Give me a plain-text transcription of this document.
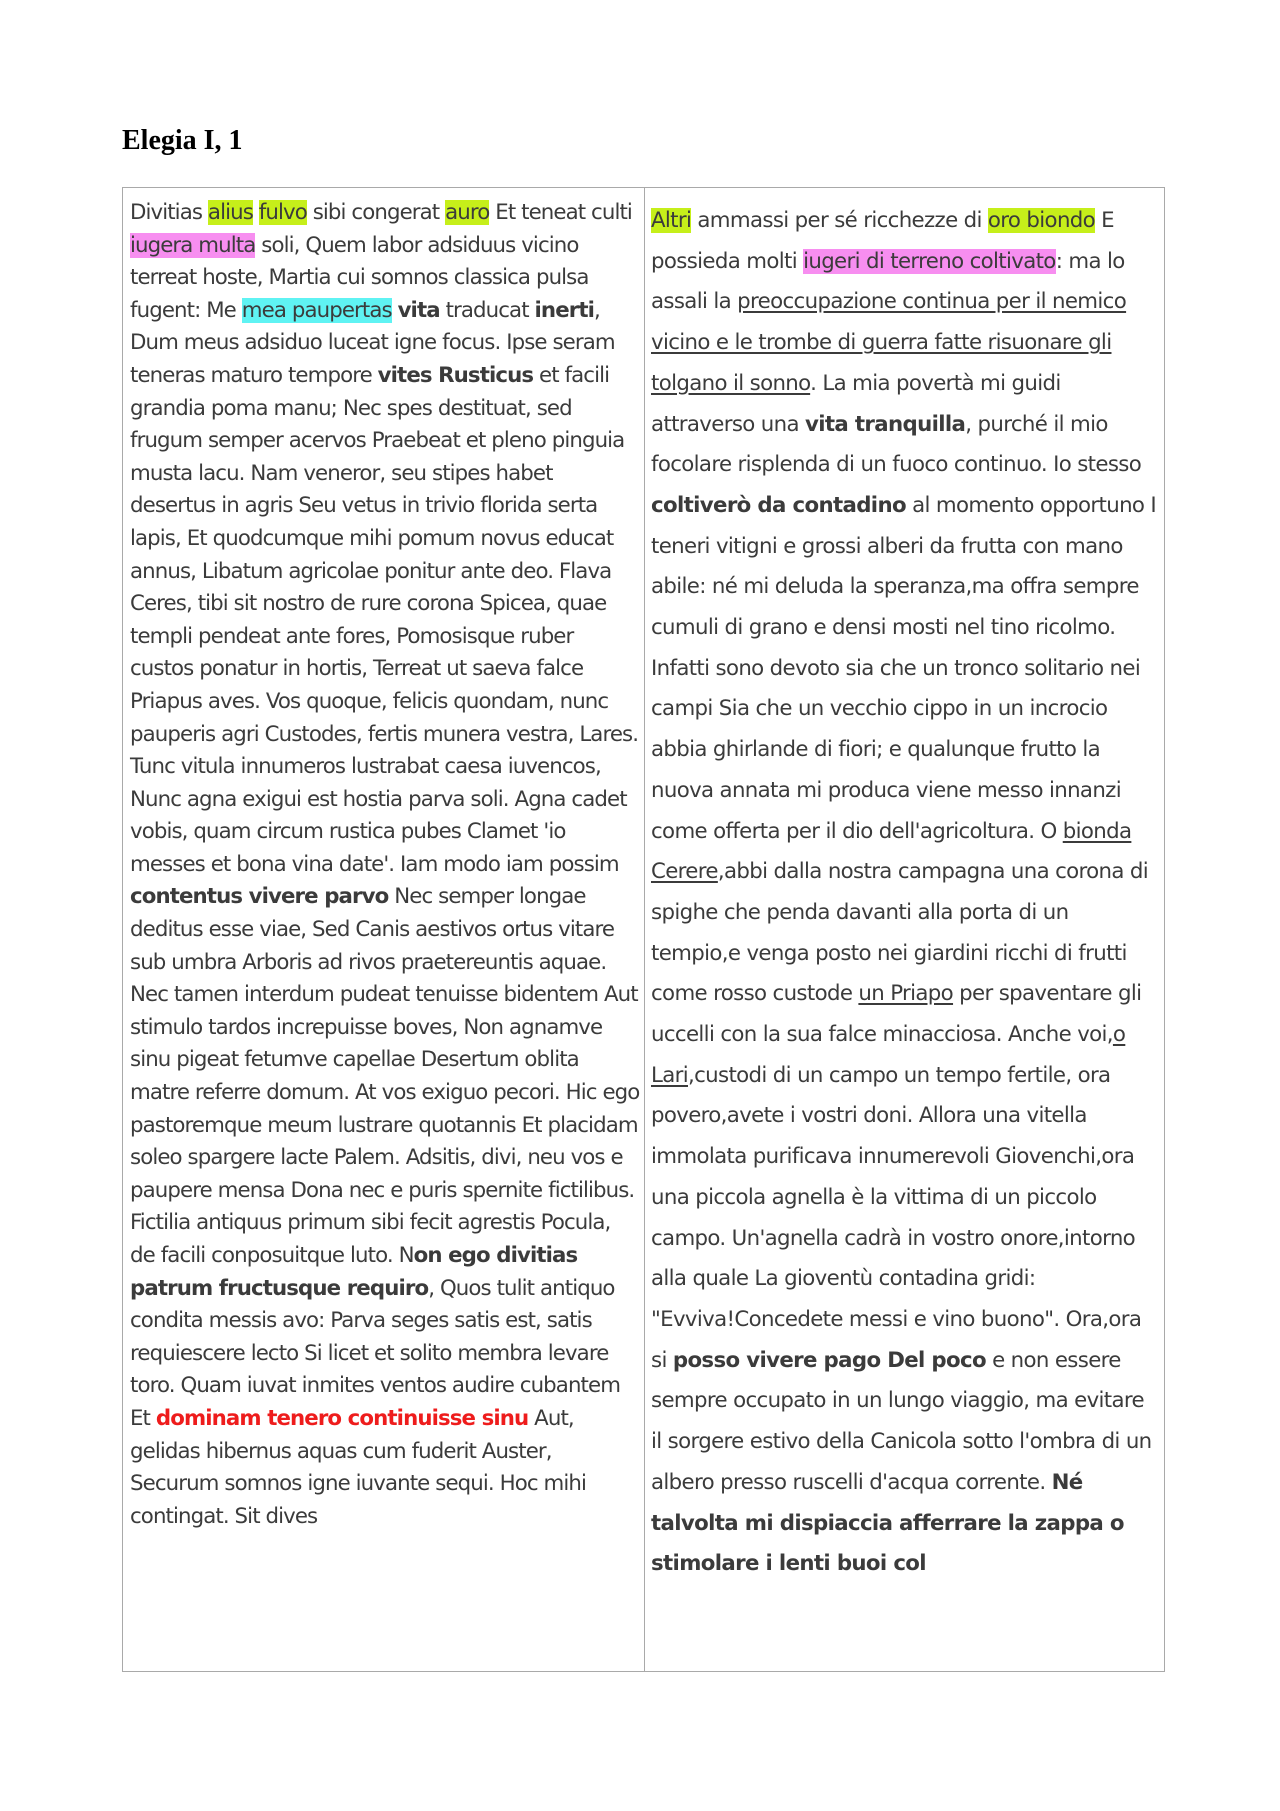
Elegia I, 1

Divitias alius fulvo sibi congerat auro Et teneat culti iugera multa soli, Quem labor adsiduus vicino terreat hoste, Martia cui somnos classica pulsa fugent: Me mea paupertas vita traducat inerti, Dum meus adsiduo luceat igne focus. Ipse seram teneras maturo tempore vites Rusticus et facili grandia poma manu; Nec spes destituat, sed frugum semper acervos Praebeat et pleno pinguia musta lacu. Nam veneror, seu stipes habet desertus in agris Seu vetus in trivio florida serta lapis, Et quodcumque mihi pomum novus educat annus, Libatum agricolae ponitur ante deo. Flava Ceres, tibi sit nostro de rure corona Spicea, quae templi pendeat ante fores, Pomosisque ruber custos ponatur in hortis, Terreat ut saeva falce Priapus aves. Vos quoque, felicis quondam, nunc pauperis agri Custodes, fertis munera vestra, Lares. Tunc vitula innumeros lustrabat caesa iuvencos, Nunc agna exigui est hostia parva soli. Agna cadet vobis, quam circum rustica pubes Clamet 'io messes et bona vina date'. Iam modo iam possim contentus vivere parvo Nec semper longae deditus esse viae, Sed Canis aestivos ortus vitare sub umbra Arboris ad rivos praetereuntis aquae. Nec tamen interdum pudeat tenuisse bidentem Aut stimulo tardos increpuisse boves, Non agnamve sinu pigeat fetumve capellae Desertum oblita matre referre domum. At vos exiguo pecori. Hic ego pastoremque meum lustrare quotannis Et placidam soleo spargere lacte Palem. Adsitis, divi, neu vos e paupere mensa Dona nec e puris spernite fictilibus. Fictilia antiquus primum sibi fecit agrestis Pocula, de facili conposuitque luto. Non ego divitias patrum fructusque requiro, Quos tulit antiquo condita messis avo: Parva seges satis est, satis requiescere lecto Si licet et solito membra levare toro. Quam iuvat inmites ventos audire cubantem Et dominam tenero continuisse sinu Aut, gelidas hibernus aquas cum fuderit Auster, Securum somnos igne iuvante sequi. Hoc mihi contingat. Sit dives

Altri ammassi per sé ricchezze di oro biondo E possieda molti iugeri di terreno coltivato: ma lo assali la preoccupazione continua per il nemico vicino e le trombe di guerra fatte risuonare gli tolgano il sonno. La mia povertà mi guidi attraverso una vita tranquilla, purché il mio focolare risplenda di un fuoco continuo. Io stesso coltiverò da contadino al momento opportuno I teneri vitigni e grossi alberi da frutta con mano abile: né mi deluda la speranza,ma offra sempre cumuli di grano e densi mosti nel tino ricolmo. Infatti sono devoto sia che un tronco solitario nei campi Sia che un vecchio cippo in un incrocio abbia ghirlande di fiori; e qualunque frutto la nuova annata mi produca viene messo innanzi come offerta per il dio dell'agricoltura. O bionda Cerere,abbi dalla nostra campagna una corona di spighe che penda davanti alla porta di un tempio,e venga posto nei giardini ricchi di frutti come rosso custode un Priapo per spaventare gli uccelli con la sua falce minacciosa. Anche voi,o Lari,custodi di un campo un tempo fertile, ora povero,avete i vostri doni. Allora una vitella immolata purificava innumerevoli Giovenchi,ora una piccola agnella è la vittima di un piccolo campo. Un'agnella cadrà in vostro onore,intorno alla quale La gioventù contadina gridi: "Evviva!Concedete messi e vino buono". Ora,ora si posso vivere pago Del poco e non essere sempre occupato in un lungo viaggio, ma evitare il sorgere estivo della Canicola sotto l'ombra di un albero presso ruscelli d'acqua corrente. Né talvolta mi dispiaccia afferrare la zappa o stimolare i lenti buoi col
